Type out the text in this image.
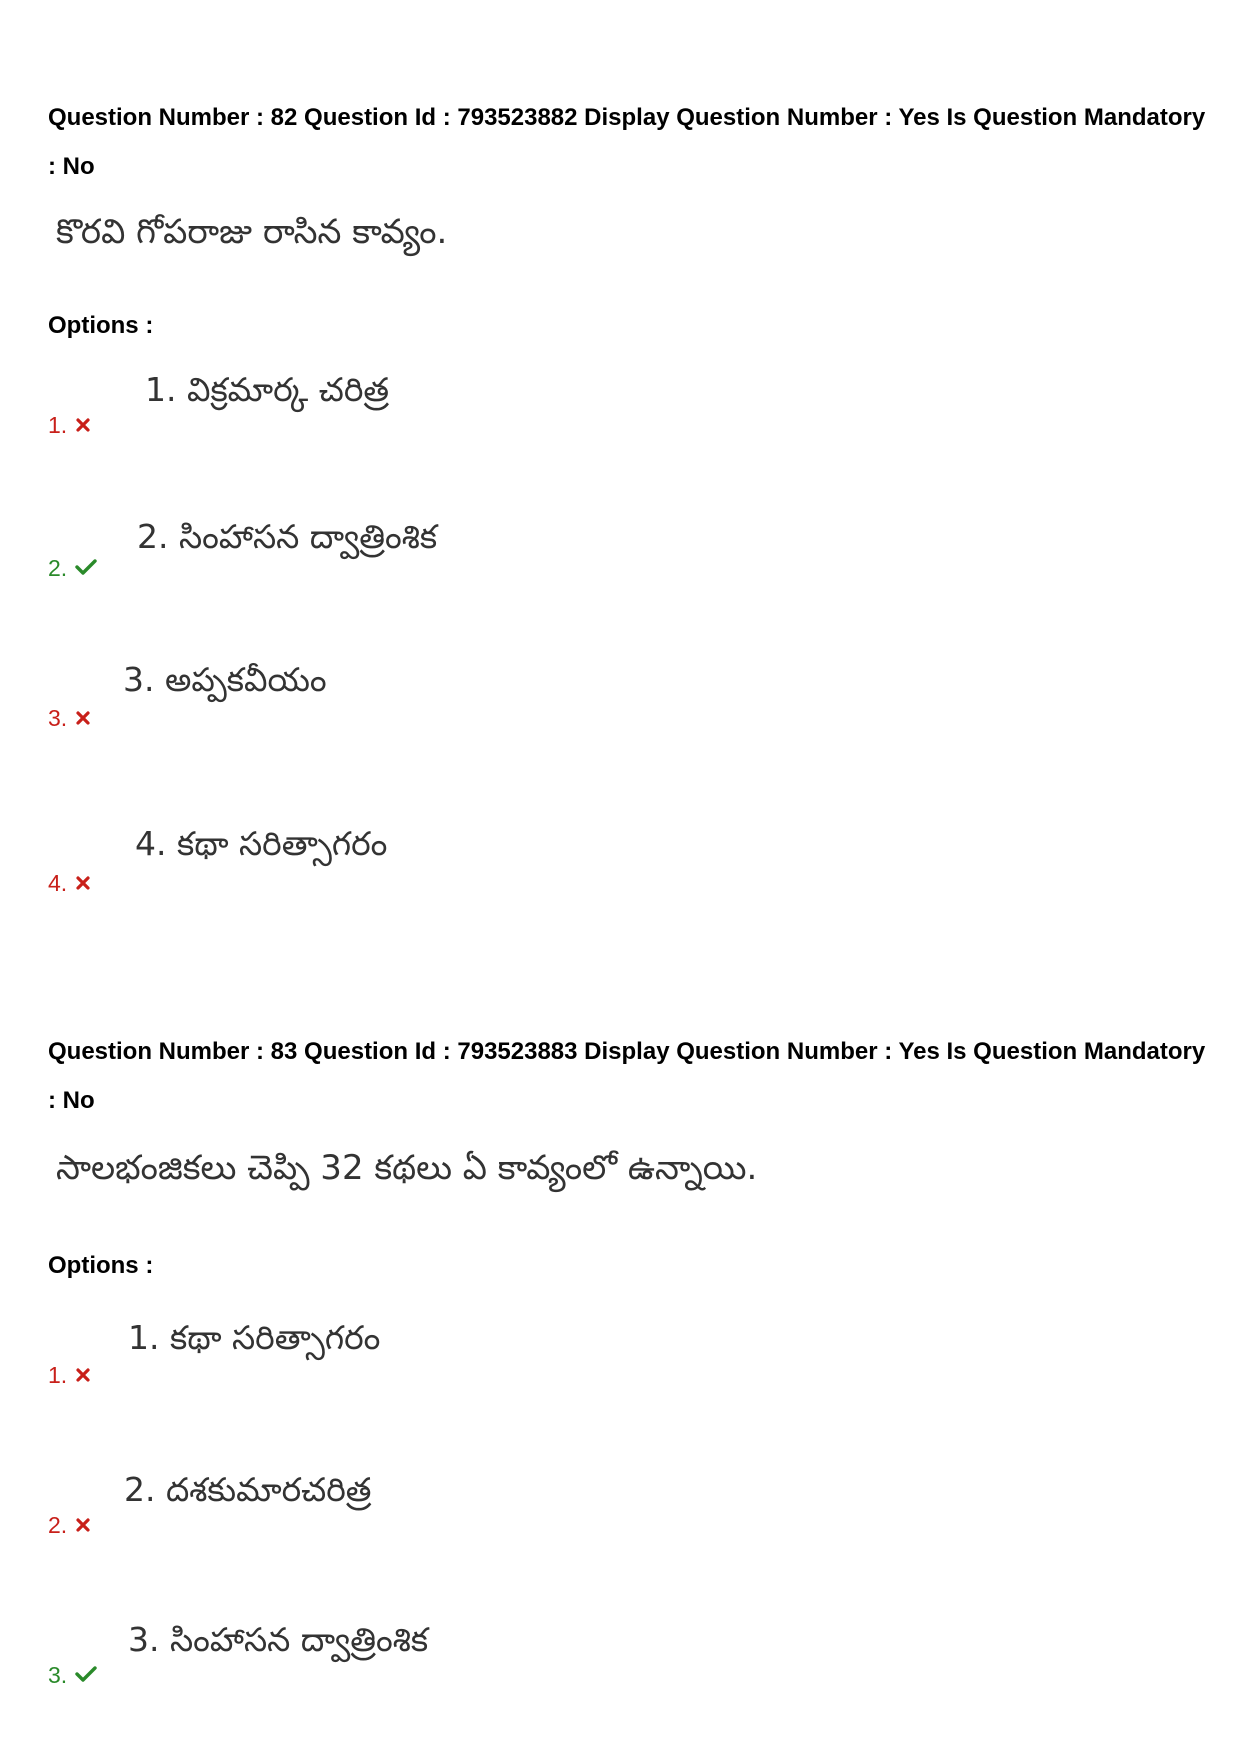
Question Number : 82 Question Id : 793523882 Display Question Number : Yes Is Question Mandatory : No
కొరవి గోపరాజు రాసిన కావ్యం.
Options :
1.
1. విక్రమార్క చరిత్ర
2.
2. సింహాసన ద్వాత్రింశిక
3.
3. అప్పకవీయం
4.
4. కథా సరిత్సాగరం
Question Number : 83 Question Id : 793523883 Display Question Number : Yes Is Question Mandatory : No
సాలభంజికలు చెప్పి 32 కథలు ఏ కావ్యంలో ఉన్నాయి.
Options :
1.
1. కథా సరిత్సాగరం
2.
2. దశకుమారచరిత్ర
3.
3. సింహాసన ద్వాత్రింశిక
